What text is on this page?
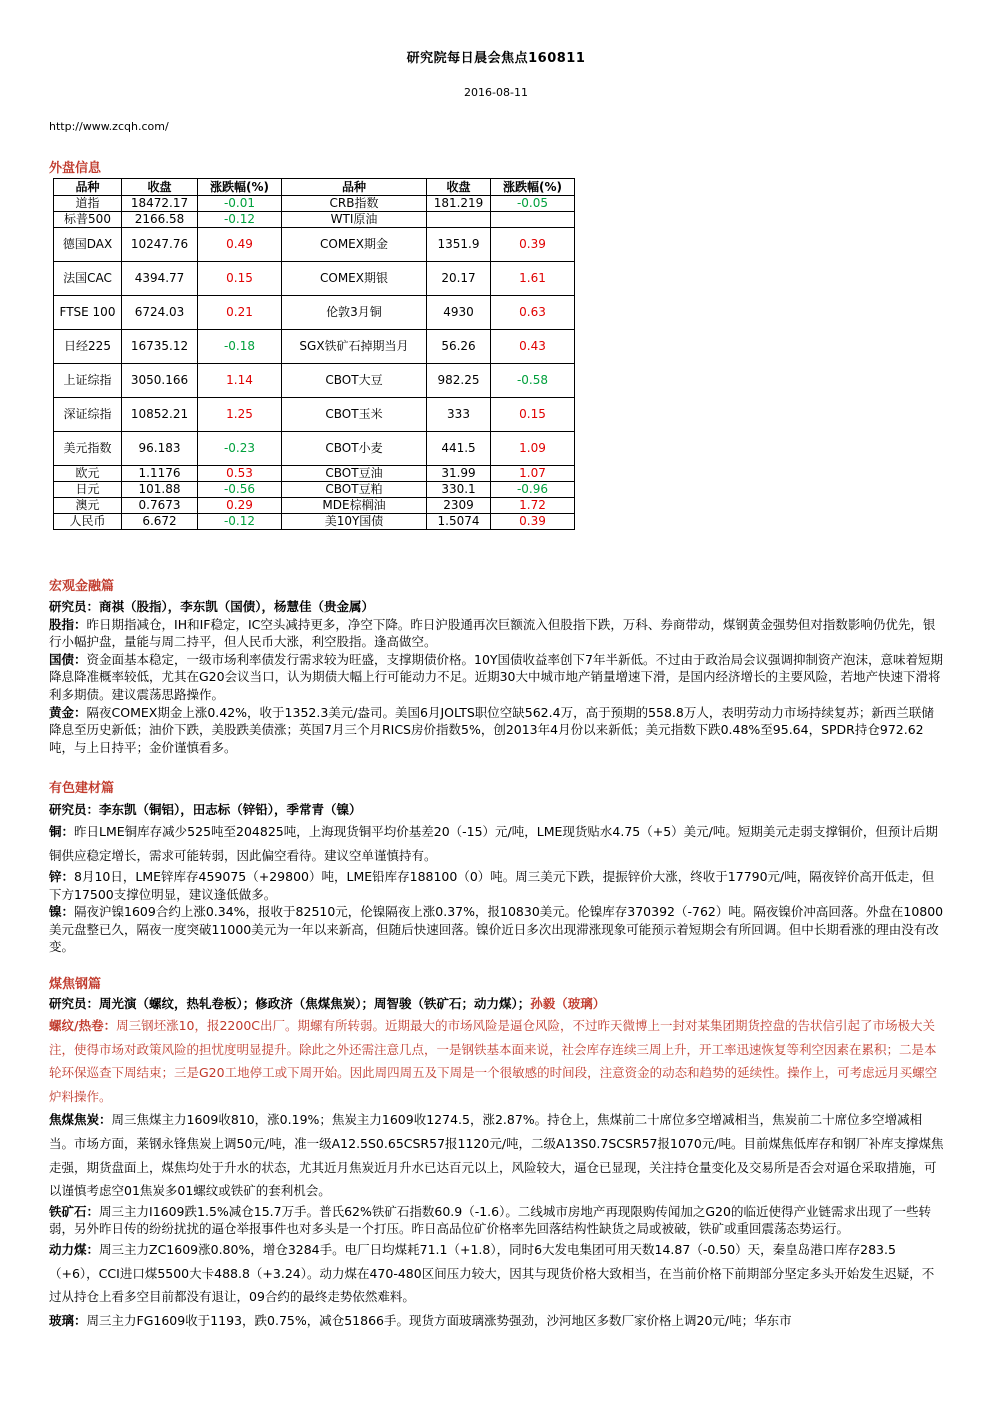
研究院每日晨会焦点160811
2016-08-11
http://www.zcqh.com/
外盘信息
品种	收盘	涨跌幅(%)	品种	收盘	涨跌幅(%)
道指	18472.17	-0.01	CRB指数	181.219	-0.05
标普500	2166.58	-0.12	WTI原油		
德国DAX	10247.76	0.49	COMEX期金	1351.9	0.39
法国CAC	4394.77	0.15	COMEX期银	20.17	1.61
FTSE 100	6724.03	0.21	伦敦3月铜	4930	0.63
日经225	16735.12	-0.18	SGX铁矿石掉期当月	56.26	0.43
上证综指	3050.166	1.14	CBOT大豆	982.25	-0.58
深证综指	10852.21	1.25	CBOT玉米	333	0.15
美元指数	96.183	-0.23	CBOT小麦	441.5	1.09
欧元	1.1176	0.53	CBOT豆油	31.99	1.07
日元	101.88	-0.56	CBOT豆粕	330.1	-0.96
澳元	0.7673	0.29	MDE棕榈油	2309	1.72
人民币	6.672	-0.12	美10Y国债	1.5074	0.39
宏观金融篇

研究员：商祺（股指），李东凯（国债），杨慧佳（贵金属）

股指：昨日期指减仓，IH和IF稳定，IC空头减持更多，净空下降。昨日沪股通再次巨额流入但股指下跌，万科、券商带动，煤钢黄金强势但对指数影响仍优先，银行小幅护盘，量能与周二持平，但人民币大涨，利空股指。逢高做空。

国债：资金面基本稳定，一级市场利率债发行需求较为旺盛，支撑期债价格。10Y国债收益率创下7年半新低。不过由于政治局会议强调抑制资产泡沫，意味着短期降息降准概率较低，尤其在G20会议当口，认为期债大幅上行可能动力不足。近期30大中城市地产销量增速下滑，是国内经济增长的主要风险，若地产快速下滑将利多期债。建议震荡思路操作。

黄金：隔夜COMEX期金上涨0.42%，收于1352.3美元/盎司。美国6月JOLTS职位空缺562.4万，高于预期的558.8万人，表明劳动力市场持续复苏；新西兰联储降息至历史新低；油价下跌，美股跌美债涨；英国7月三个月RICS房价指数5%，创2013年4月份以来新低；美元指数下跌0.48%至95.64，SPDR持仓972.62吨，与上日持平；金价谨慎看多。

有色建材篇

研究员：李东凯（铜铝），田志标（锌铅），季常青（镍）

铜：昨日LME铜库存减少525吨至204825吨，上海现货铜平均价基差20（-15）元/吨，LME现货贴水4.75（+5）美元/吨。短期美元走弱支撑铜价，但预计后期铜供应稳定增长，需求可能转弱，因此偏空看待。建议空单谨慎持有。

锌：8月10日，LME锌库存459075（+29800）吨，LME铅库存188100（0）吨。周三美元下跌，提振锌价大涨，终收于17790元/吨，隔夜锌价高开低走，但下方17500支撑位明显，建议逢低做多。

镍：隔夜沪镍1609合约上涨0.34%，报收于82510元，伦镍隔夜上涨0.37%，报10830美元。伦镍库存370392（-762）吨。隔夜镍价冲高回落。外盘在10800美元盘整已久，隔夜一度突破11000美元为一年以来新高，但随后快速回落。镍价近日多次出现滞涨现象可能预示着短期会有所回调。但中长期看涨的理由没有改变。

煤焦钢篇

研究员：周光演（螺纹，热轧卷板）；修政济（焦煤焦炭）；周智骏（铁矿石；动力煤）；孙毅（玻璃）

螺纹/热卷：周三钢坯涨10，报2200C出厂。期螺有所转弱。近期最大的市场风险是逼仓风险，不过昨天微博上一封对某集团期货控盘的告状信引起了市场极大关注，使得市场对政策风险的担忧度明显提升。除此之外还需注意几点，一是钢铁基本面来说，社会库存连续三周上升，开工率迅速恢复等利空因素在累积；二是本轮环保巡查下周结束；三是G20工地停工或下周开始。因此周四周五及下周是一个很敏感的时间段，注意资金的动态和趋势的延续性。操作上，可考虑远月买螺空炉料操作。

焦煤焦炭：周三焦煤主力1609收810，涨0.19%；焦炭主力1609收1274.5，涨2.87%。持仓上，焦煤前二十席位多空增减相当，焦炭前二十席位多空增减相当。市场方面，莱钢永锋焦炭上调50元/吨，准一级A12.5S0.65CSR57报1120元/吨，二级A13S0.7SCSR57报1070元/吨。目前煤焦低库存和钢厂补库支撑煤焦走强，期货盘面上，煤焦均处于升水的状态，尤其近月焦炭近月升水已达百元以上，风险较大，逼仓已显现，关注持仓量变化及交易所是否会对逼仓采取措施，可以谨慎考虑空01焦炭多01螺纹或铁矿的套利机会。

铁矿石：周三主力I1609跌1.5%减仓15.7万手。普氏62%铁矿石指数60.9（-1.6）。二线城市房地产再现限购传闻加之G20的临近使得产业链需求出现了一些转弱，另外昨日传的纷纷扰扰的逼仓举报事件也对多头是一个打压。昨日高品位矿价格率先回落结构性缺货之局或被破，铁矿或重回震荡态势运行。

动力煤：周三主力ZC1609涨0.80%，增仓3284手。电厂日均煤耗71.1（+1.8），同时6大发电集团可用天数14.87（-0.50）天，秦皇岛港口库存283.5（+6），CCI进口煤5500大卡488.8（+3.24）。动力煤在470-480区间压力较大，因其与现货价格大致相当，在当前价格下前期部分坚定多头开始发生迟疑，不过从持仓上看多空目前都没有退让，09合约的最终走势依然难料。

玻璃：周三主力FG1609收于1193，跌0.75%，减仓51866手。现货方面玻璃涨势强劲，沙河地区多数厂家价格上调20元/吨；华东市
